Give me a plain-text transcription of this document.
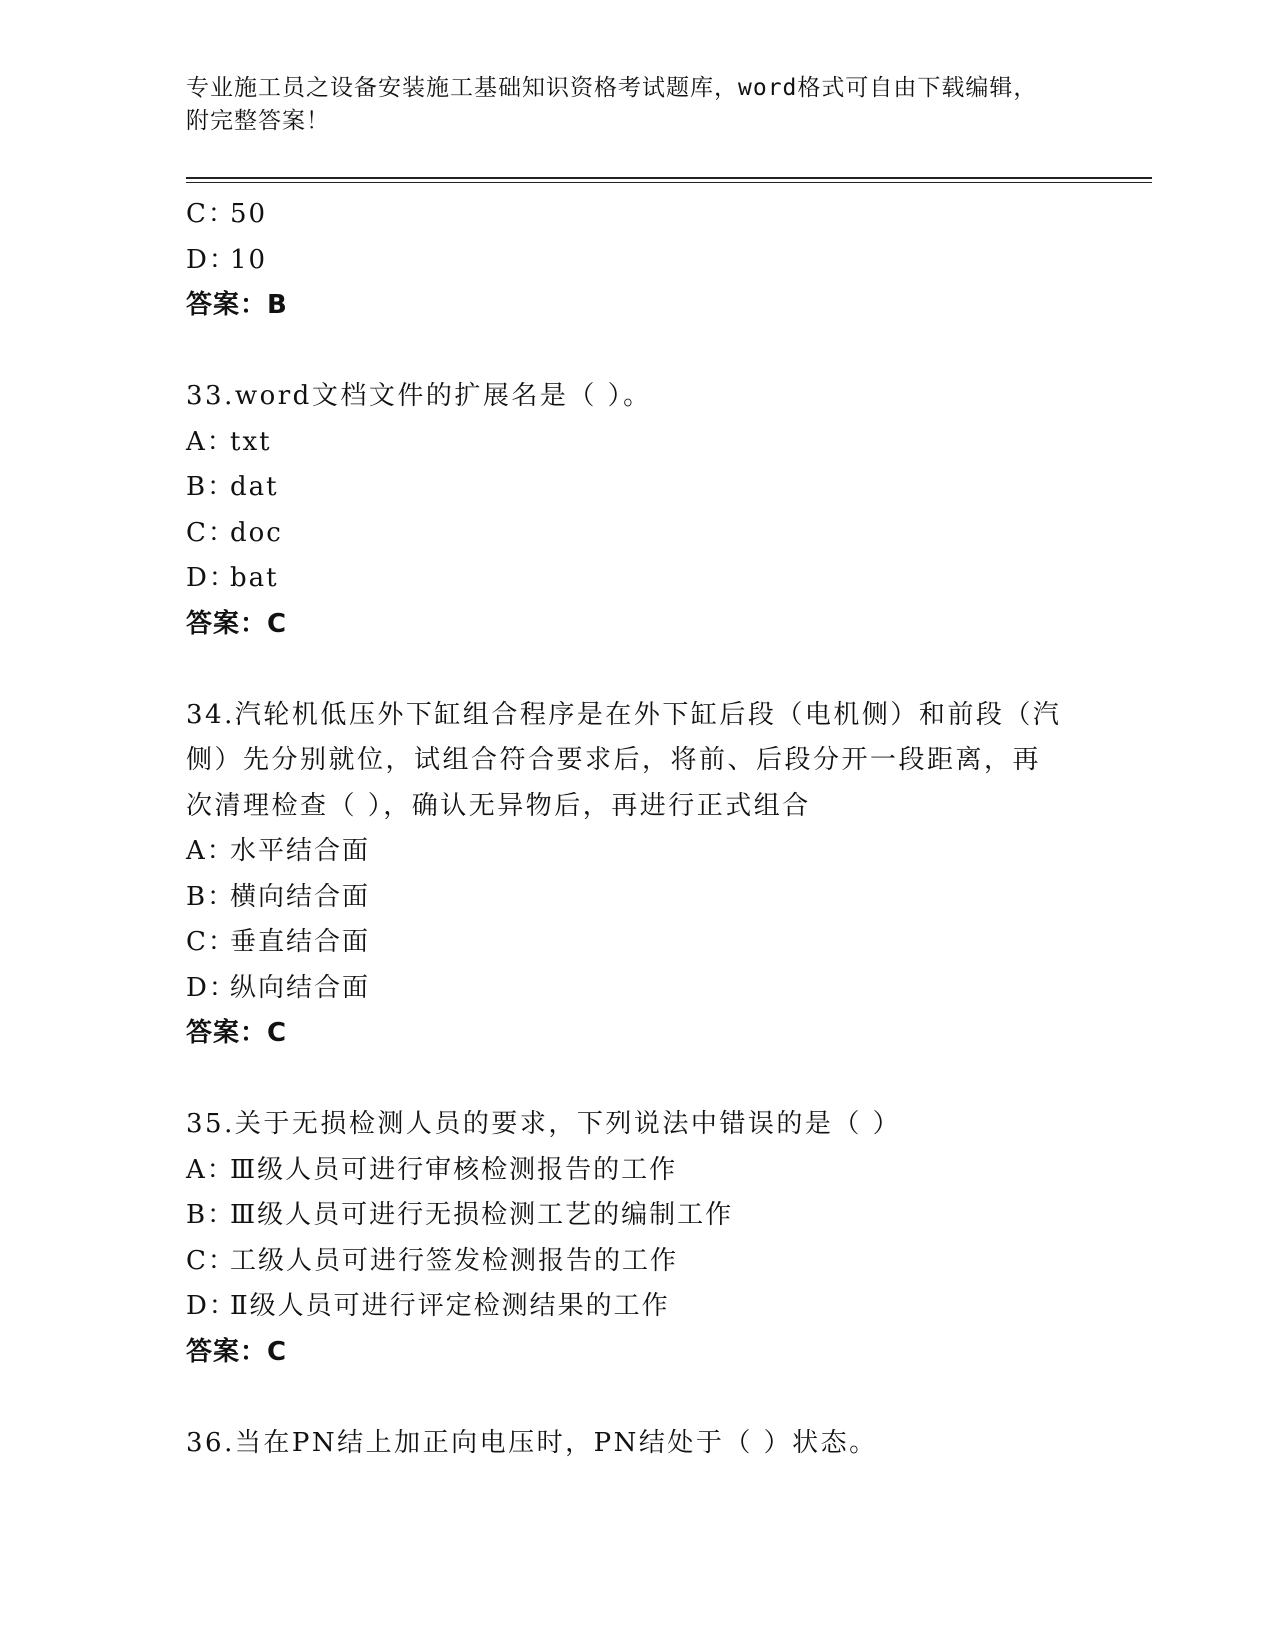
专业施工员之设备安装施工基础知识资格考试题库，word格式可自由下载编辑，
附完整答案！
C：50
D：10
答案：B
33.word文档文件的扩展名是（ ）。
A：txt
B：dat
C：doc
D：bat
答案：C
34.汽轮机低压外下缸组合程序是在外下缸后段（电机侧）和前段（汽
侧）先分别就位，试组合符合要求后，将前、后段分开一段距离，再
次清理检查（ ），确认无异物后，再进行正式组合
A：水平结合面
B：横向结合面
C：垂直结合面
D：纵向结合面
答案：C
35.关于无损检测人员的要求，下列说法中错误的是（ ）
A：Ⅲ级人员可进行审核检测报告的工作
B：Ⅲ级人员可进行无损检测工艺的编制工作
C：工级人员可进行签发检测报告的工作
D：Ⅱ级人员可进行评定检测结果的工作
答案：C
36.当在PN结上加正向电压时，PN结处于（ ）状态。
